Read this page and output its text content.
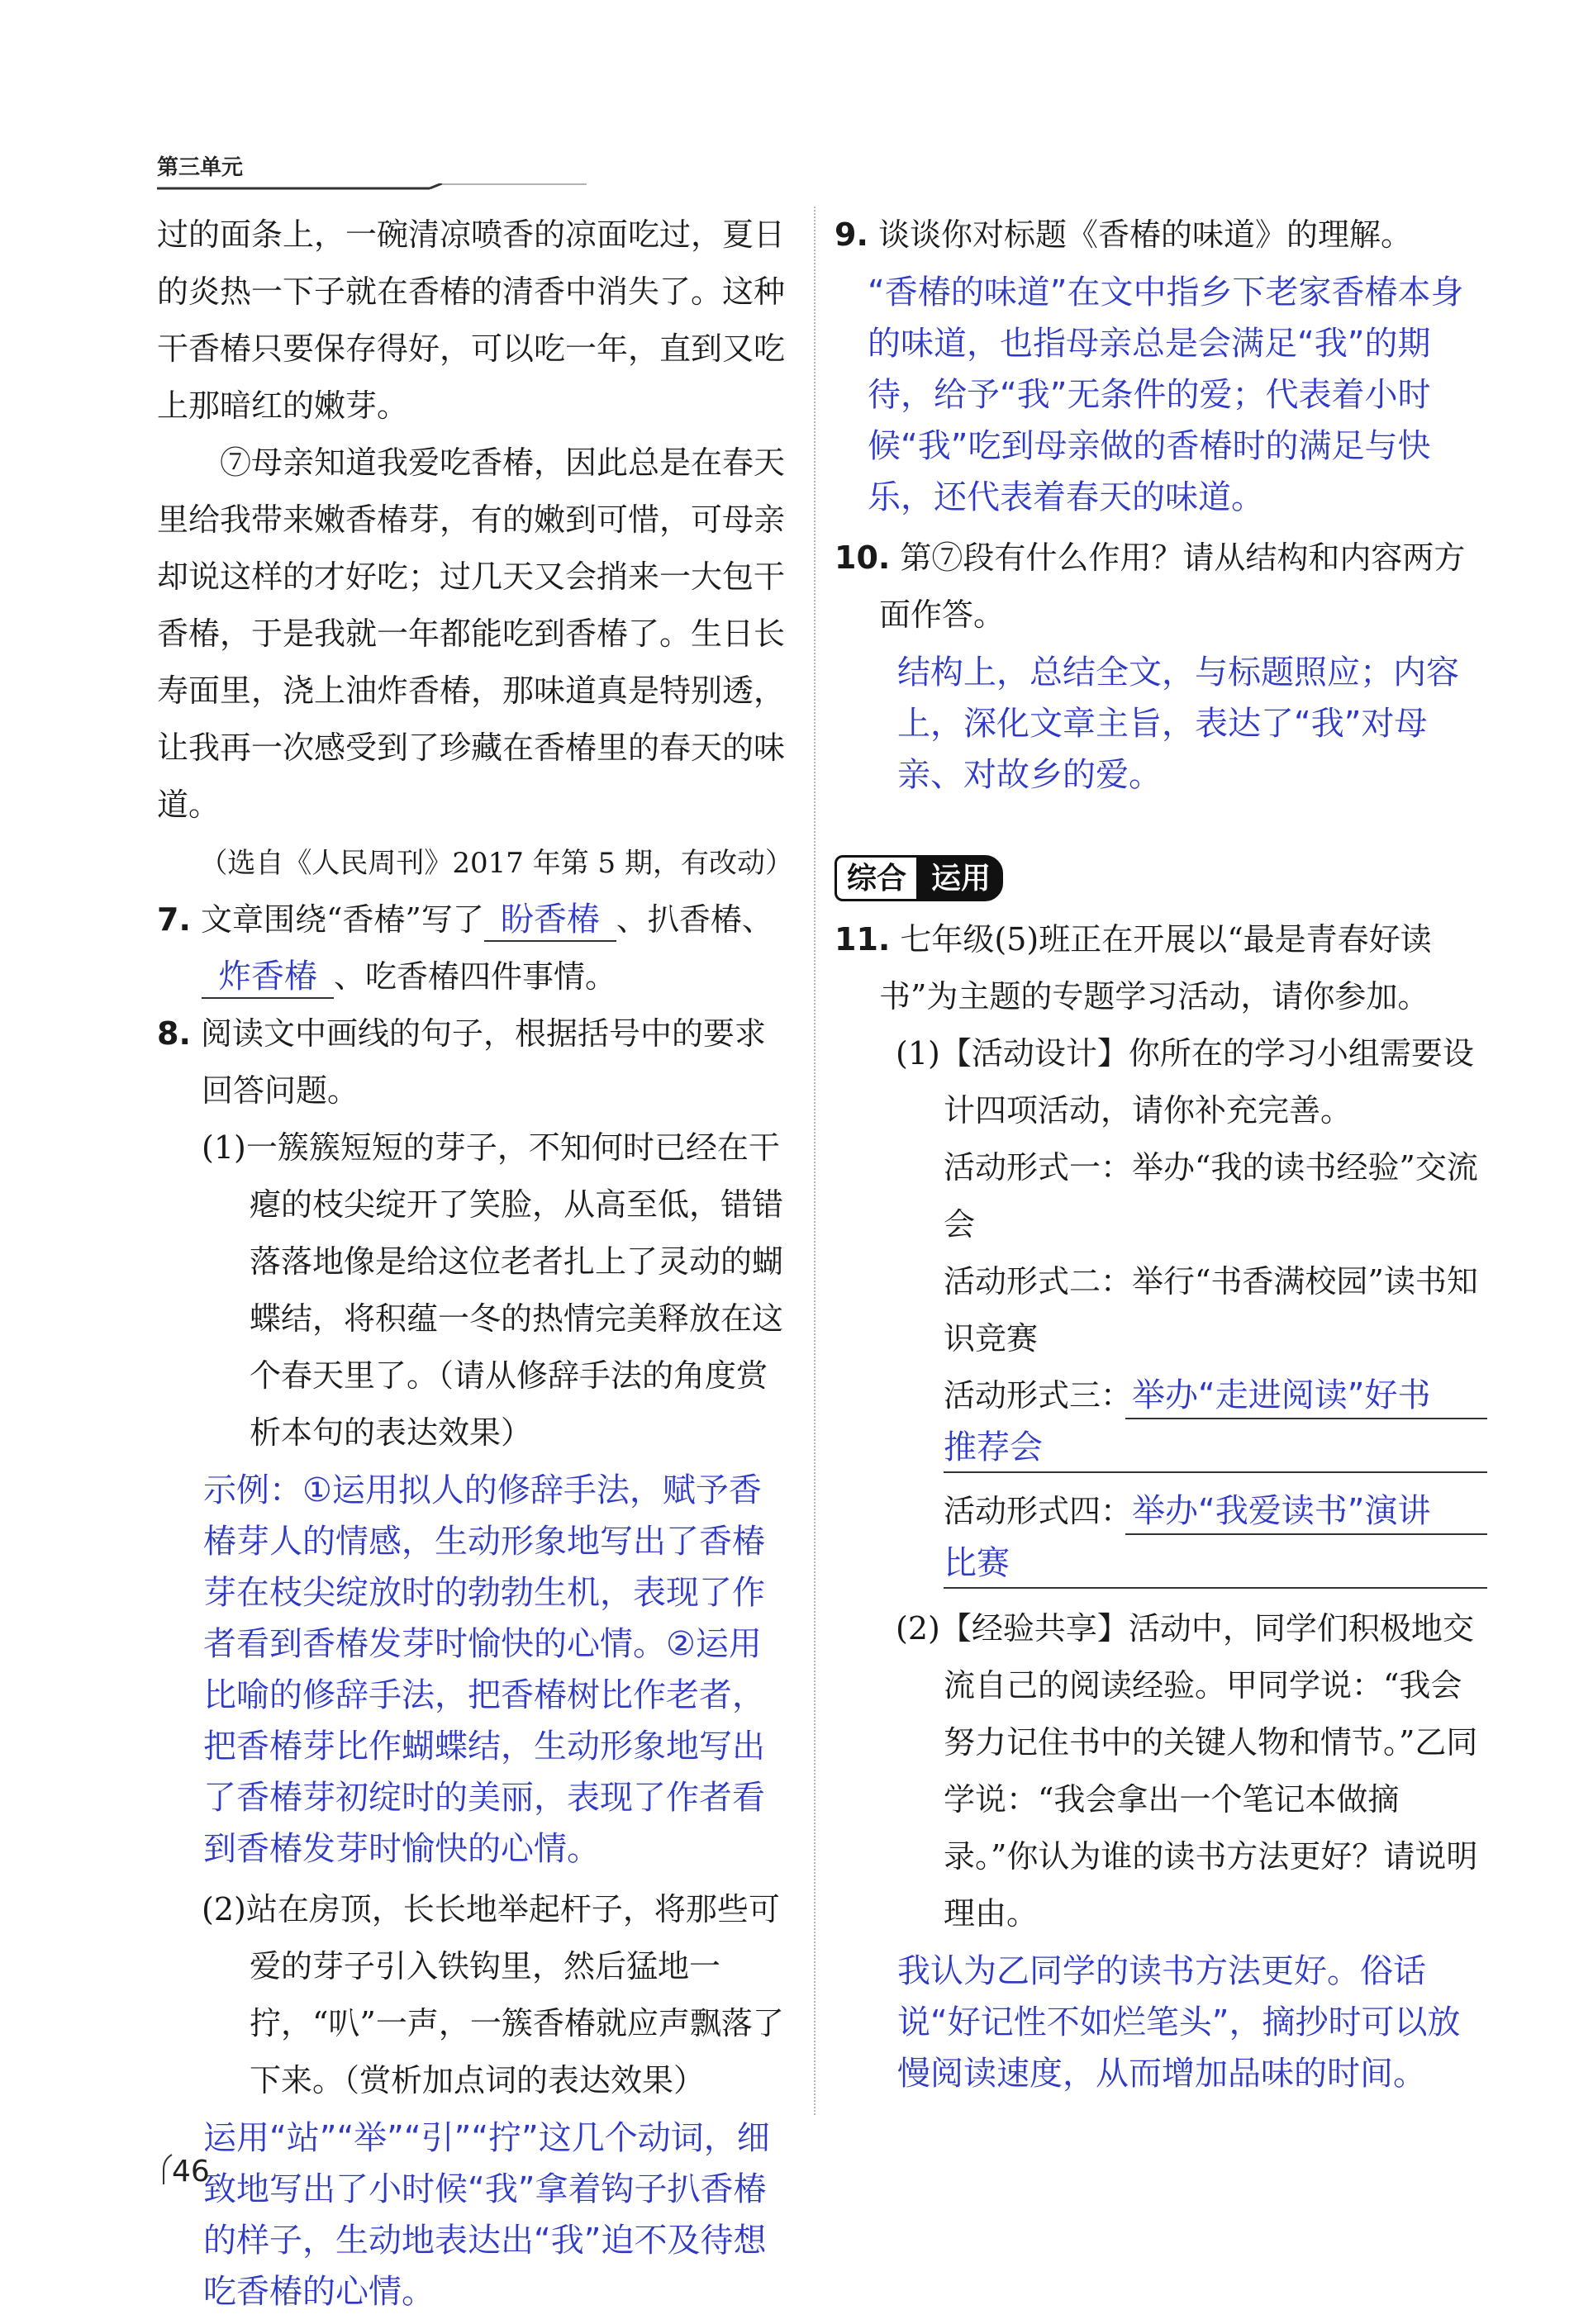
第三单元

过的面条上，一碗清凉喷香的凉面吃过，夏日的炎热一下子就在香椿的清香中消失了。这种干香椿只要保存得好，可以吃一年，直到又吃上那暗红的嫩芽。

⑦母亲知道我爱吃香椿，因此总是在春天里给我带来嫩香椿芽，有的嫩到可惜，可母亲却说这样的才好吃；过几天又会捎来一大包干香椿，于是我就一年都能吃到香椿了。生日长寿面里，浇上油炸香椿，那味道真是特别透，让我再一次感受到了珍藏在香椿里的春天的味道。

（选自《人民周刊》2017 年第 5 期，有改动）

7. 文章围绕“香椿”写了 盼香椿 、扒香椿、炸香椿 、吃香椿四件事情。

8. 阅读文中画线的句子，根据括号中的要求回答问题。

(1)一簇簇短短的芽子，不知何时已经在干瘪的枝尖绽开了笑脸，从高至低，错错落落地像是给这位老者扎上了灵动的蝴蝶结，将积蕴一冬的热情完美释放在这个春天里了。（请从修辞手法的角度赏析本句的表达效果）

示例：①运用拟人的修辞手法，赋予香椿芽人的情感，生动形象地写出了香椿芽在枝尖绽放时的勃勃生机，表现了作者看到香椿发芽时愉快的心情。②运用比喻的修辞手法，把香椿树比作老者，把香椿芽比作蝴蝶结，生动形象地写出了香椿芽初绽时的美丽，表现了作者看到香椿发芽时愉快的心情。

(2)站在房顶，长长地举起杆子，将那些可爱的芽子引入铁钩里，然后猛地一拧，“叭”一声，一簇香椿就应声飘落了下来。（赏析加点词的表达效果）

运用“站”“举”“引”“拧”这几个动词，细致地写出了小时候“我”拿着钩子扒香椿的样子，生动地表达出“我”迫不及待想吃香椿的心情。

9. 谈谈你对标题《香椿的味道》的理解。

“香椿的味道”在文中指乡下老家香椿本身的味道，也指母亲总是会满足“我”的期待，给予“我”无条件的爱；代表着小时候“我”吃到母亲做的香椿时的满足与快乐，还代表着春天的味道。

10. 第⑦段有什么作用？请从结构和内容两方面作答。

结构上，总结全文，与标题照应；内容上，深化文章主旨，表达了“我”对母亲、对故乡的爱。

综合 运用

11. 七年级(5)班正在开展以“最是青春好读书”为主题的专题学习活动，请你参加。

(1)【活动设计】你所在的学习小组需要设计四项活动，请你补充完善。

活动形式一：举办“我的读书经验”交流会

活动形式二：举行“书香满校园”读书知识竞赛

活动形式三：举办“走进阅读”好书
推荐会
活动形式四：举办“我爱读书”演讲
比赛

(2)【经验共享】活动中，同学们积极地交流自己的阅读经验。甲同学说：“我会努力记住书中的关键人物和情节。”乙同学说：“我会拿出一个笔记本做摘录。”你认为谁的读书方法更好？请说明理由。

我认为乙同学的读书方法更好。俗话说“好记性不如烂笔头”，摘抄时可以放慢阅读速度，从而增加品味的时间。

46
